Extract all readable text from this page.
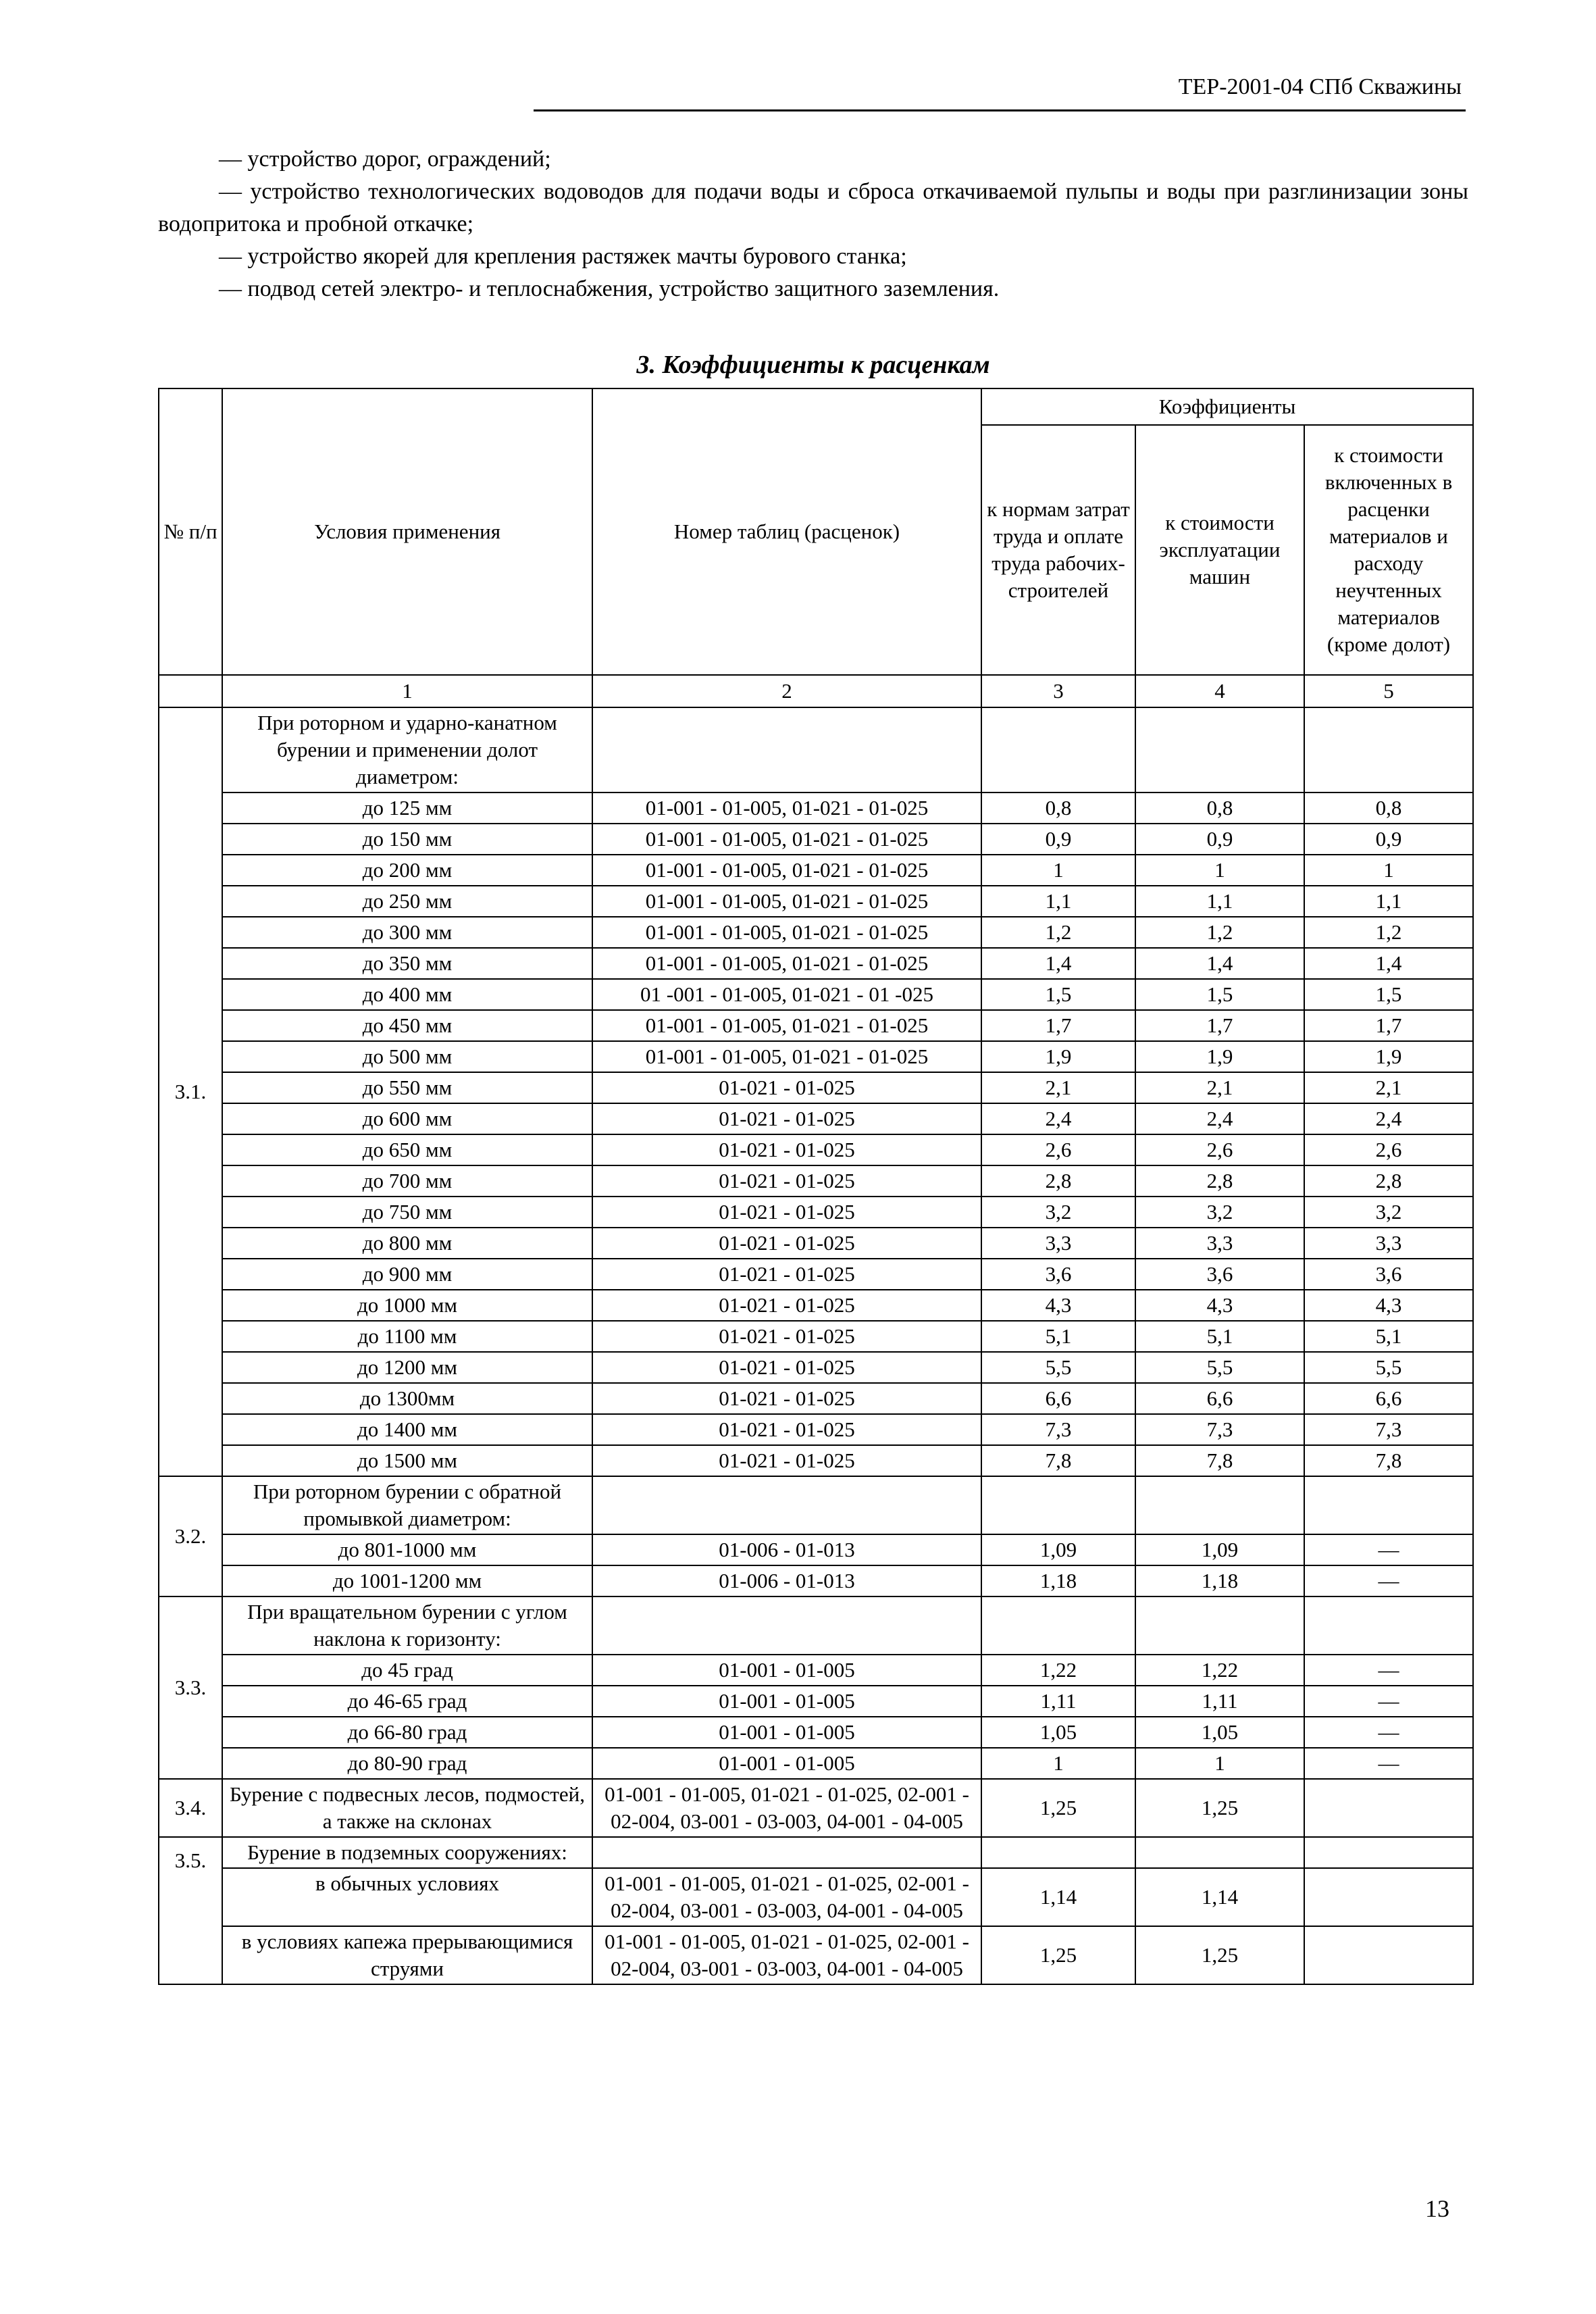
ТЕР-2001-04 СПб Скважины

— устройство дорог, ограждений;

— устройство технологических водоводов для подачи воды и сброса откачиваемой пульпы и воды при разглинизации зоны водопритока и пробной откачке;

— устройство якорей для крепления растяжек мачты бурового станка;

— подвод сетей электро- и теплоснабжения, устройство защитного заземления.

3. Коэффициенты к расценкам
№ п/п	Условия применения	Номер таблиц (расценок)	Коэффициенты		
			к нормам затрат труда и оплате труда рабочих-строителей	к стоимости эксплуатации машин	к стоимости включенных в расценки материалов и расходу неучтенных материалов (кроме долот)
	1	2	3	4	5
3.1.	При роторном и ударно-канатном бурении и применении долот диаметром:				
	до 125 мм	01-001 - 01-005, 01-021 - 01-025	0,8	0,8	0,8
	до 150 мм	01-001 - 01-005, 01-021 - 01-025	0,9	0,9	0,9
	до 200 мм	01-001 - 01-005, 01-021 - 01-025	1	1	1
	до 250 мм	01-001 - 01-005, 01-021 - 01-025	1,1	1,1	1,1
	до 300 мм	01-001 - 01-005, 01-021 - 01-025	1,2	1,2	1,2
	до 350 мм	01-001 - 01-005, 01-021 - 01-025	1,4	1,4	1,4
	до 400 мм	01 -001 - 01-005, 01-021 - 01 -025	1,5	1,5	1,5
	до 450 мм	01-001 - 01-005, 01-021 - 01-025	1,7	1,7	1,7
	до 500 мм	01-001 - 01-005, 01-021 - 01-025	1,9	1,9	1,9
	до 550 мм	01-021 - 01-025	2,1	2,1	2,1
	до 600 мм	01-021 - 01-025	2,4	2,4	2,4
	до 650 мм	01-021 - 01-025	2,6	2,6	2,6
	до 700 мм	01-021 - 01-025	2,8	2,8	2,8
	до 750 мм	01-021 - 01-025	3,2	3,2	3,2
	до 800 мм	01-021 - 01-025	3,3	3,3	3,3
	до 900 мм	01-021 - 01-025	3,6	3,6	3,6
	до 1000 мм	01-021 - 01-025	4,3	4,3	4,3
	до 1100 мм	01-021 - 01-025	5,1	5,1	5,1
	до 1200 мм	01-021 - 01-025	5,5	5,5	5,5
	до 1300мм	01-021 - 01-025	6,6	6,6	6,6
	до 1400 мм	01-021 - 01-025	7,3	7,3	7,3
	до 1500 мм	01-021 - 01-025	7,8	7,8	7,8
3.2.	При роторном бурении с обратной промывкой диаметром:				
	до 801-1000 мм	01-006 - 01-013	1,09	1,09	—
	до 1001-1200 мм	01-006 - 01-013	1,18	1,18	—
3.3.	При вращательном бурении с углом наклона к горизонту:				
	до 45 град	01-001 - 01-005	1,22	1,22	—
	до 46-65 град	01-001 - 01-005	1,11	1,11	—
	до 66-80 град	01-001 - 01-005	1,05	1,05	—
	до 80-90 град	01-001 - 01-005	1	1	—
3.4.	Бурение с подвесных лесов, подмостей, а также на склонах	01-001 - 01-005, 01-021 - 01-025, 02-001 - 02-004, 03-001 - 03-003, 04-001 - 04-005	1,25	1,25	
3.5.	Бурение в подземных сооружениях:				
	в обычных условиях	01-001 - 01-005, 01-021 - 01-025, 02-001 - 02-004, 03-001 - 03-003, 04-001 - 04-005	1,14	1,14	
	в условиях капежа прерывающимися струями	01-001 - 01-005, 01-021 - 01-025, 02-001 - 02-004, 03-001 - 03-003, 04-001 - 04-005	1,25	1,25	
13
